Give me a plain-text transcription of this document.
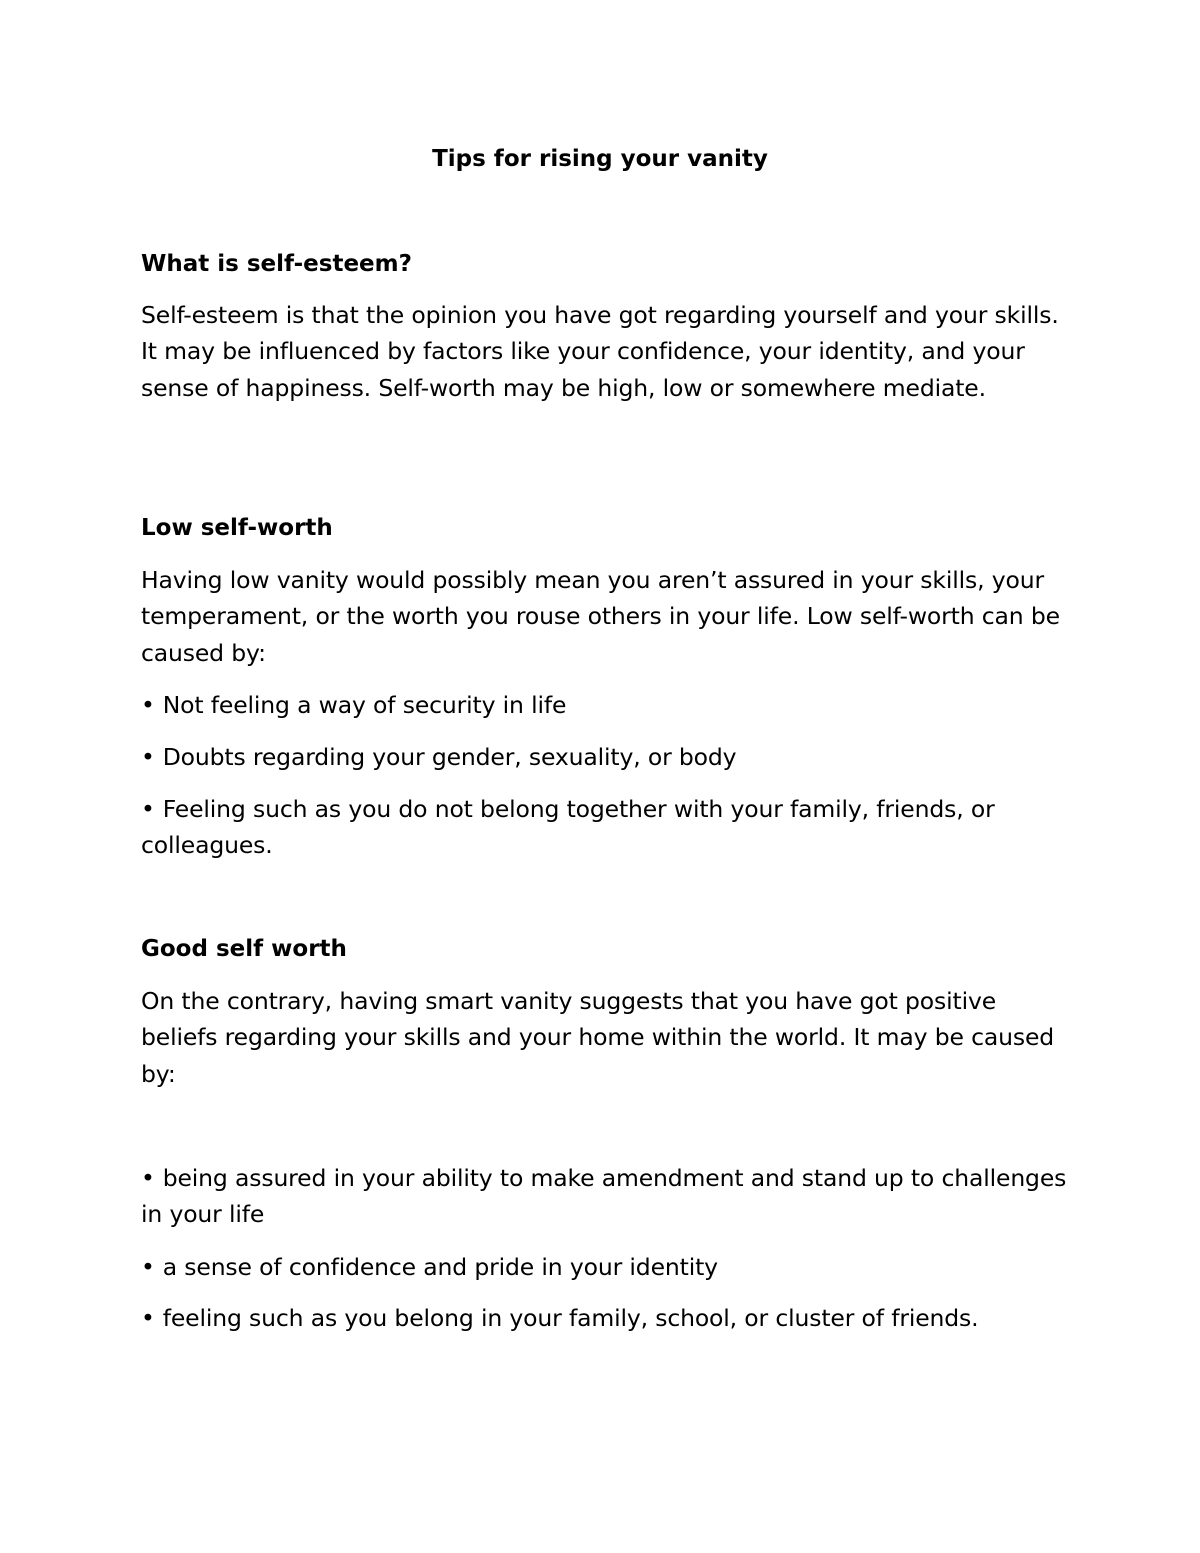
Tips for rising your vanity
What is self-esteem?

Self-esteem is that the opinion you have got regarding yourself and your skills. It may be influenced by factors like your confidence, your identity, and your sense of happiness. Self-worth may be high, low or somewhere mediate.

Low self-worth

Having low vanity would possibly mean you aren’t assured in your skills, your temperament, or the worth you rouse others in your life. Low self-worth can be caused by:

• Not feeling a way of security in life

• Doubts regarding your gender, sexuality, or body

• Feeling such as you do not belong together with your family, friends, or colleagues.

Good self worth

On the contrary, having smart vanity suggests that you have got positive beliefs regarding your skills and your home within the world. It may be caused by:

• being assured in your ability to make amendment and stand up to challenges in your life

• a sense of confidence and pride in your identity

• feeling such as you belong in your family, school, or cluster of friends.
